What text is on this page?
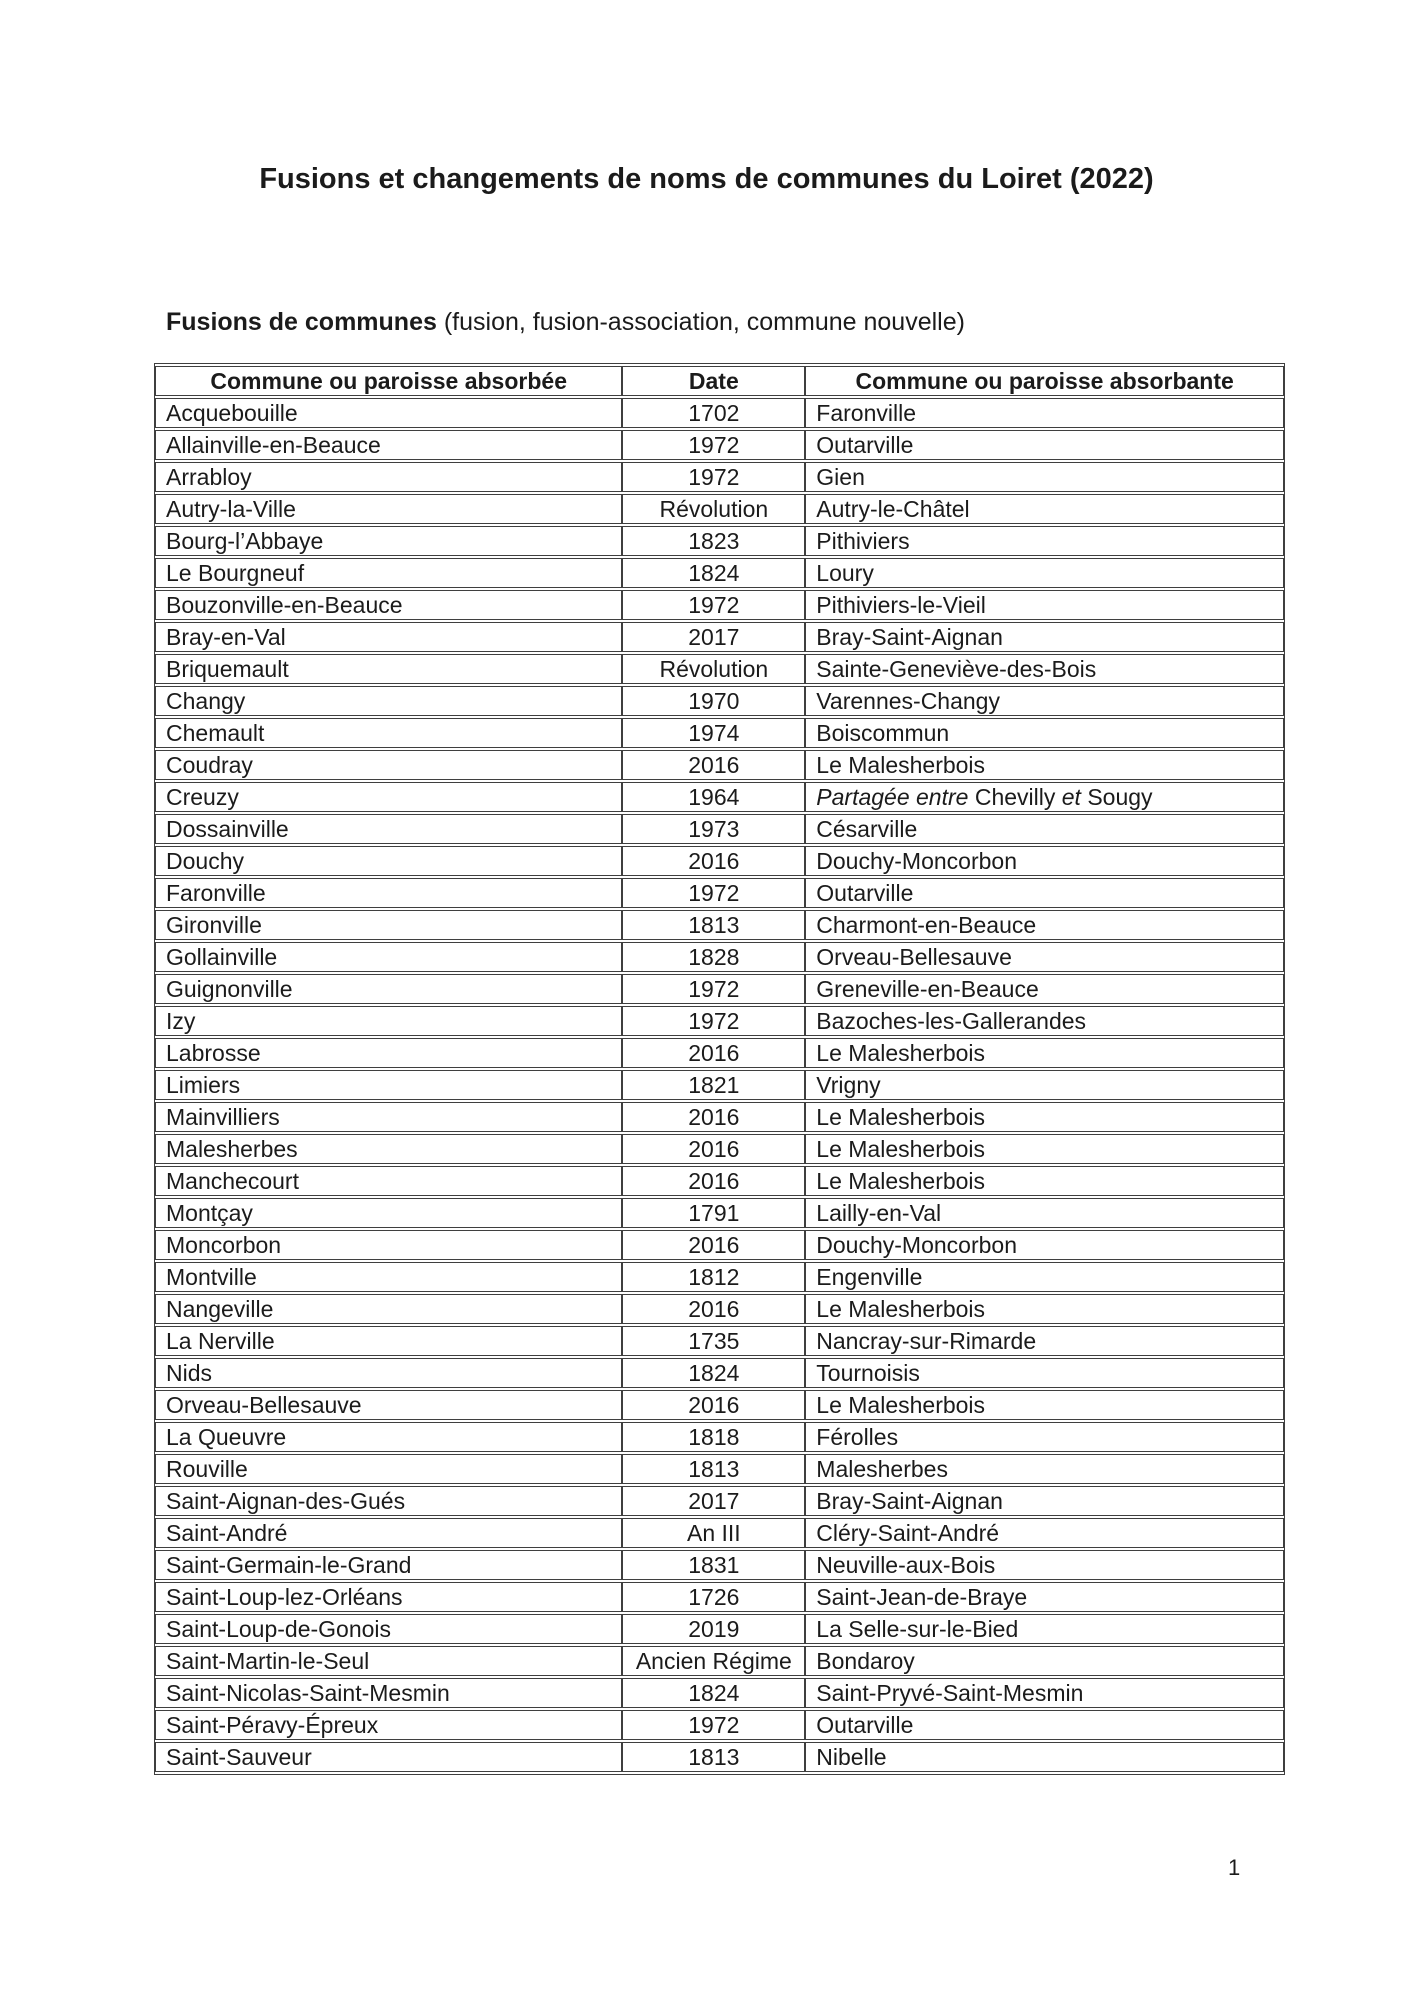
Fusions et changements de noms de communes du Loiret (2022)
Fusions de communes (fusion, fusion-association, commune nouvelle)
Commune ou paroisse absorbée	Date	Commune ou paroisse absorbante
Acquebouille	1702	Faronville
Allainville-en-Beauce	1972	Outarville
Arrabloy	1972	Gien
Autry-la-Ville	Révolution	Autry-le-Châtel
Bourg-l’Abbaye	1823	Pithiviers
Le Bourgneuf	1824	Loury
Bouzonville-en-Beauce	1972	Pithiviers-le-Vieil
Bray-en-Val	2017	Bray-Saint-Aignan
Briquemault	Révolution	Sainte-Geneviève-des-Bois
Changy	1970	Varennes-Changy
Chemault	1974	Boiscommun
Coudray	2016	Le Malesherbois
Creuzy	1964	Partagée entre Chevilly et Sougy
Dossainville	1973	Césarville
Douchy	2016	Douchy-Moncorbon
Faronville	1972	Outarville
Gironville	1813	Charmont-en-Beauce
Gollainville	1828	Orveau-Bellesauve
Guignonville	1972	Greneville-en-Beauce
Izy	1972	Bazoches-les-Gallerandes
Labrosse	2016	Le Malesherbois
Limiers	1821	Vrigny
Mainvilliers	2016	Le Malesherbois
Malesherbes	2016	Le Malesherbois
Manchecourt	2016	Le Malesherbois
Montçay	1791	Lailly-en-Val
Moncorbon	2016	Douchy-Moncorbon
Montville	1812	Engenville
Nangeville	2016	Le Malesherbois
La Nerville	1735	Nancray-sur-Rimarde
Nids	1824	Tournoisis
Orveau-Bellesauve	2016	Le Malesherbois
La Queuvre	1818	Férolles
Rouville	1813	Malesherbes
Saint-Aignan-des-Gués	2017	Bray-Saint-Aignan
Saint-André	An III	Cléry-Saint-André
Saint-Germain-le-Grand	1831	Neuville-aux-Bois
Saint-Loup-lez-Orléans	1726	Saint-Jean-de-Braye
Saint-Loup-de-Gonois	2019	La Selle-sur-le-Bied
Saint-Martin-le-Seul	Ancien Régime	Bondaroy
Saint-Nicolas-Saint-Mesmin	1824	Saint-Pryvé-Saint-Mesmin
Saint-Péravy-Épreux	1972	Outarville
Saint-Sauveur	1813	Nibelle
1
